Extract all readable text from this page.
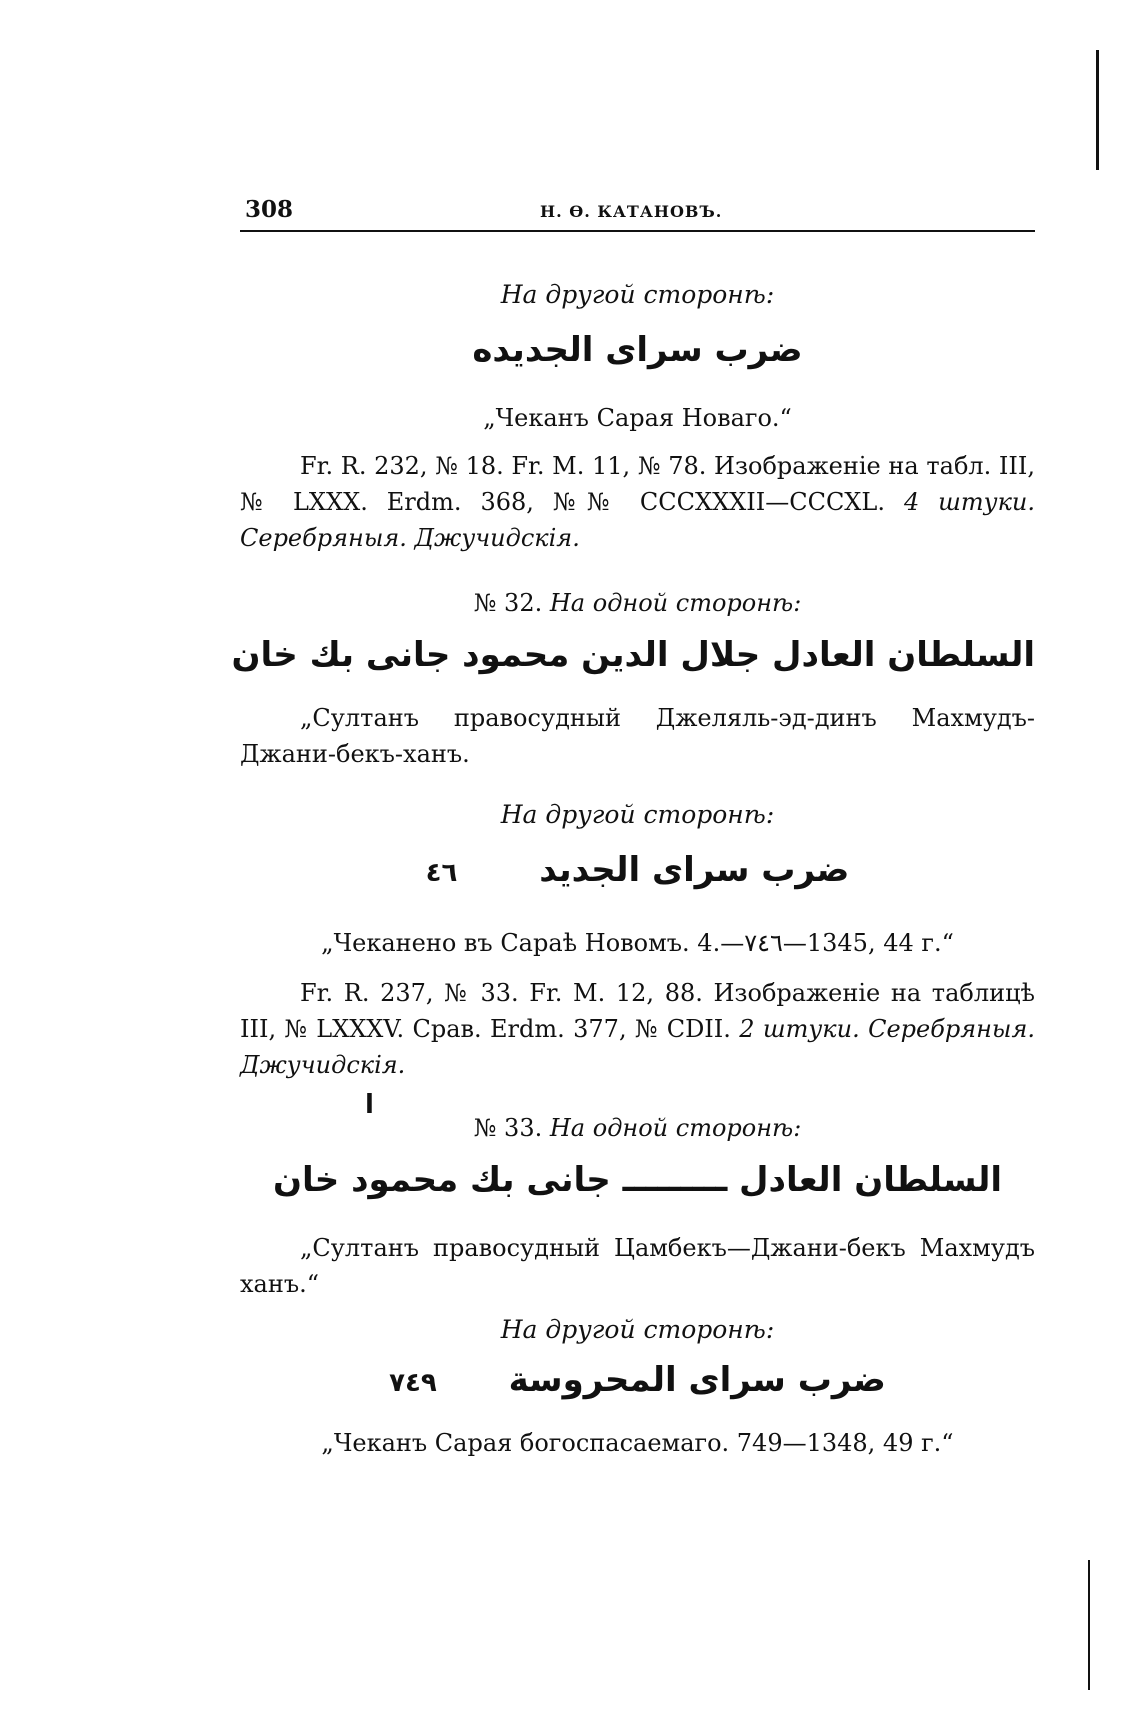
308	Н. Ө. КАТАНОВЪ.
На другой сторонѣ:
ضرب سراى الجديده
„Чеканъ Сарая Новаго.“
Fr. R. 232, № 18. Fr. M. 11, № 78. Изображеніе на табл. III, № LXXX. Erdm. 368, №№ CCCXXXII—CCCXL. 4 штуки. Серебряныя. Джучидскія.
№ 32. На одной сторонѣ:
السلطان العادل جلال الدين محمود جانى بك خان
„Султанъ правосудный Джеляль-эд-динъ Махмудъ-Джани-бекъ-ханъ.
На другой сторонѣ:
ضرب سراى الجديد ٤٦
„Чеканено въ Сараѣ Новомъ. 4.—٧٤٦—1345, 44 г.“
Fr. R. 237, № 33. Fr. M. 12, 88. Изображеніе на таблицѣ III, № LXXXV. Срав. Erdm. 377, № CDII. 2 штуки. Серебряныя. Джучидскія.
ا
№ 33. На одной сторонѣ:
السلطان العادل ـــــــــ جانى بك محمود خان
„Султанъ правосудный Цамбекъ—Джани-бекъ Махмудъ ханъ.“
На другой сторонѣ:
ضرب سراى المحروسة ٧٤٩
„Чеканъ Сарая богоспасаемаго. 749—1348, 49 г.“
